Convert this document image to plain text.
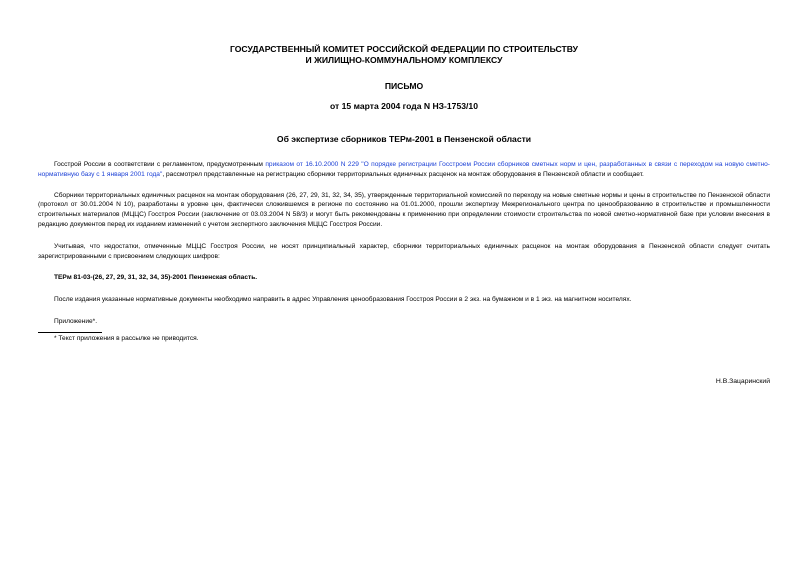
ГОСУДАРСТВЕННЫЙ КОМИТЕТ РОССИЙСКОЙ ФЕДЕРАЦИИ ПО СТРОИТЕЛЬСТВУ
И ЖИЛИЩНО-КОММУНАЛЬНОМУ КОМПЛЕКСУ
ПИСЬМО
от 15 марта 2004 года N НЗ-1753/10
Об экспертизе сборников ТЕРм-2001 в Пензенской области

Госстрой России в соответствии с регламентом, предусмотренным приказом от 16.10.2000 N 229 "О порядке регистрации Госстроем России сборников сметных норм и цен, разработанных в связи с переходом на новую сметно-нормативную базу с 1 января 2001 года", рассмотрел представленные на регистрацию сборники территориальных единичных расценок на монтаж оборудования в Пензенской области и сообщает.

Сборники территориальных единичных расценок на монтаж оборудования (26, 27, 29, 31, 32, 34, 35), утвержденные территориальной комиссией по переходу на новые сметные нормы и цены в строительстве по Пензенской области (протокол от 30.01.2004 N 10), разработаны в уровне цен, фактически сложившемся в регионе по состоянию на 01.01.2000, прошли экспертизу Межрегионального центра по ценообразованию в строительстве и промышленности строительных материалов (МЦЦС) Госстроя России (заключение от 03.03.2004 N 58/3) и могут быть рекомендованы к применению при определении стоимости строительства по новой сметно-нормативной базе при условии внесения в редакцию документов перед их изданием изменений с учетом экспертного заключения МЦЦС Госстроя России.

Учитывая, что недостатки, отмеченные МЦЦС Госстроя России, не носят принципиальный характер, сборники территориальных единичных расценок на монтаж оборудования в Пензенской области следует считать зарегистрированными с присвоением следующих шифров:

ТЕРм 81-03-(26, 27, 29, 31, 32, 34, 35)-2001 Пензенская область.

После издания указанные нормативные документы необходимо направить в адрес Управления ценообразования Госстроя России в 2 экз. на бумажном и в 1 экз. на магнитном носителях.

Приложение*.

* Текст приложения в рассылке не приводится.
Н.В.Зацаринский
